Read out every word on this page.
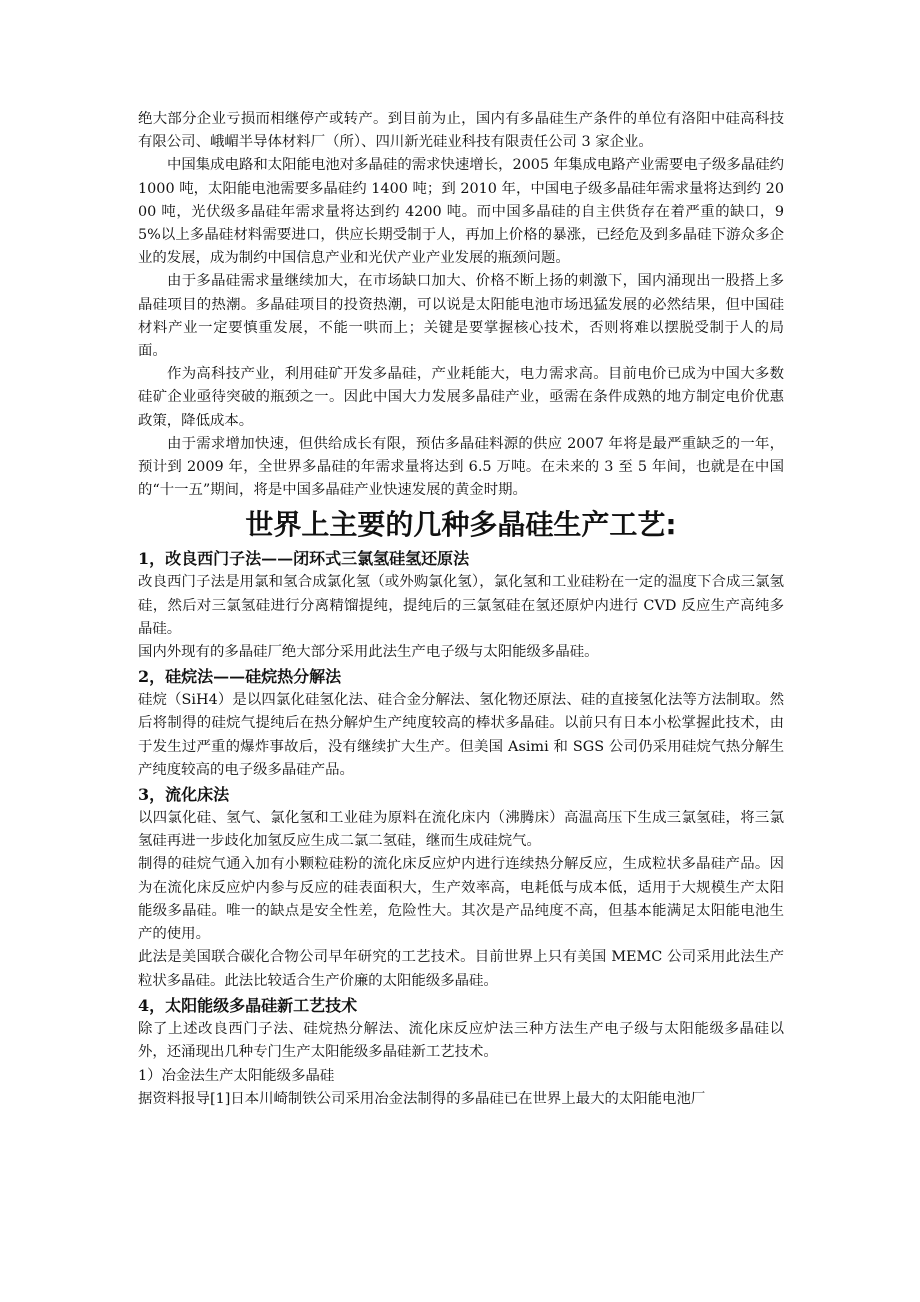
绝大部分企业亏损而相继停产或转产。到目前为止，国内有多晶硅生产条件的单位有洛阳中硅高科技有限公司、峨嵋半导体材料厂（所）、四川新光硅业科技有限责任公司 3 家企业。

中国集成电路和太阳能电池对多晶硅的需求快速增长，2005 年集成电路产业需要电子级多晶硅约 1000 吨，太阳能电池需要多晶硅约 1400 吨；到 2010 年，中国电子级多晶硅年需求量将达到约 2000 吨，光伏级多晶硅年需求量将达到约 4200 吨。而中国多晶硅的自主供货存在着严重的缺口，95%以上多晶硅材料需要进口，供应长期受制于人，再加上价格的暴涨，已经危及到多晶硅下游众多企业的发展，成为制约中国信息产业和光伏产业产业发展的瓶颈问题。

由于多晶硅需求量继续加大，在市场缺口加大、价格不断上扬的刺激下，国内涌现出一股搭上多晶硅项目的热潮。多晶硅项目的投资热潮，可以说是太阳能电池市场迅猛发展的必然结果，但中国硅材料产业一定要慎重发展，不能一哄而上；关键是要掌握核心技术，否则将难以摆脱受制于人的局面。

作为高科技产业，利用硅矿开发多晶硅，产业耗能大，电力需求高。目前电价已成为中国大多数硅矿企业亟待突破的瓶颈之一。因此中国大力发展多晶硅产业，亟需在条件成熟的地方制定电价优惠政策，降低成本。

由于需求增加快速，但供给成长有限，预估多晶硅料源的供应 2007 年将是最严重缺乏的一年，预计到 2009 年，全世界多晶硅的年需求量将达到 6.5 万吨。在未来的 3 至 5 年间，也就是在中国的“十一五”期间，将是中国多晶硅产业快速发展的黄金时期。

世界上主要的几种多晶硅生产工艺:
1，改良西门子法——闭环式三氯氢硅氢还原法

改良西门子法是用氯和氢合成氯化氢（或外购氯化氢），氯化氢和工业硅粉在一定的温度下合成三氯氢硅，然后对三氯氢硅进行分离精馏提纯，提纯后的三氯氢硅在氢还原炉内进行 CVD 反应生产高纯多晶硅。

国内外现有的多晶硅厂绝大部分采用此法生产电子级与太阳能级多晶硅。

2，硅烷法——硅烷热分解法

硅烷（SiH4）是以四氯化硅氢化法、硅合金分解法、氢化物还原法、硅的直接氢化法等方法制取。然后将制得的硅烷气提纯后在热分解炉生产纯度较高的棒状多晶硅。以前只有日本小松掌握此技术，由于发生过严重的爆炸事故后，没有继续扩大生产。但美国 Asimi 和 SGS 公司仍采用硅烷气热分解生产纯度较高的电子级多晶硅产品。

3，流化床法

以四氯化硅、氢气、氯化氢和工业硅为原料在流化床内（沸腾床）高温高压下生成三氯氢硅，将三氯氢硅再进一步歧化加氢反应生成二氯二氢硅，继而生成硅烷气。

制得的硅烷气通入加有小颗粒硅粉的流化床反应炉内进行连续热分解反应，生成粒状多晶硅产品。因为在流化床反应炉内参与反应的硅表面积大，生产效率高，电耗低与成本低，适用于大规模生产太阳能级多晶硅。唯一的缺点是安全性差，危险性大。其次是产品纯度不高，但基本能满足太阳能电池生产的使用。

此法是美国联合碳化合物公司早年研究的工艺技术。目前世界上只有美国 MEMC 公司采用此法生产粒状多晶硅。此法比较适合生产价廉的太阳能级多晶硅。

4，太阳能级多晶硅新工艺技术

除了上述改良西门子法、硅烷热分解法、流化床反应炉法三种方法生产电子级与太阳能级多晶硅以外，还涌现出几种专门生产太阳能级多晶硅新工艺技术。

1）冶金法生产太阳能级多晶硅

据资料报导[1]日本川崎制铁公司采用冶金法制得的多晶硅已在世界上最大的太阳能电池厂
